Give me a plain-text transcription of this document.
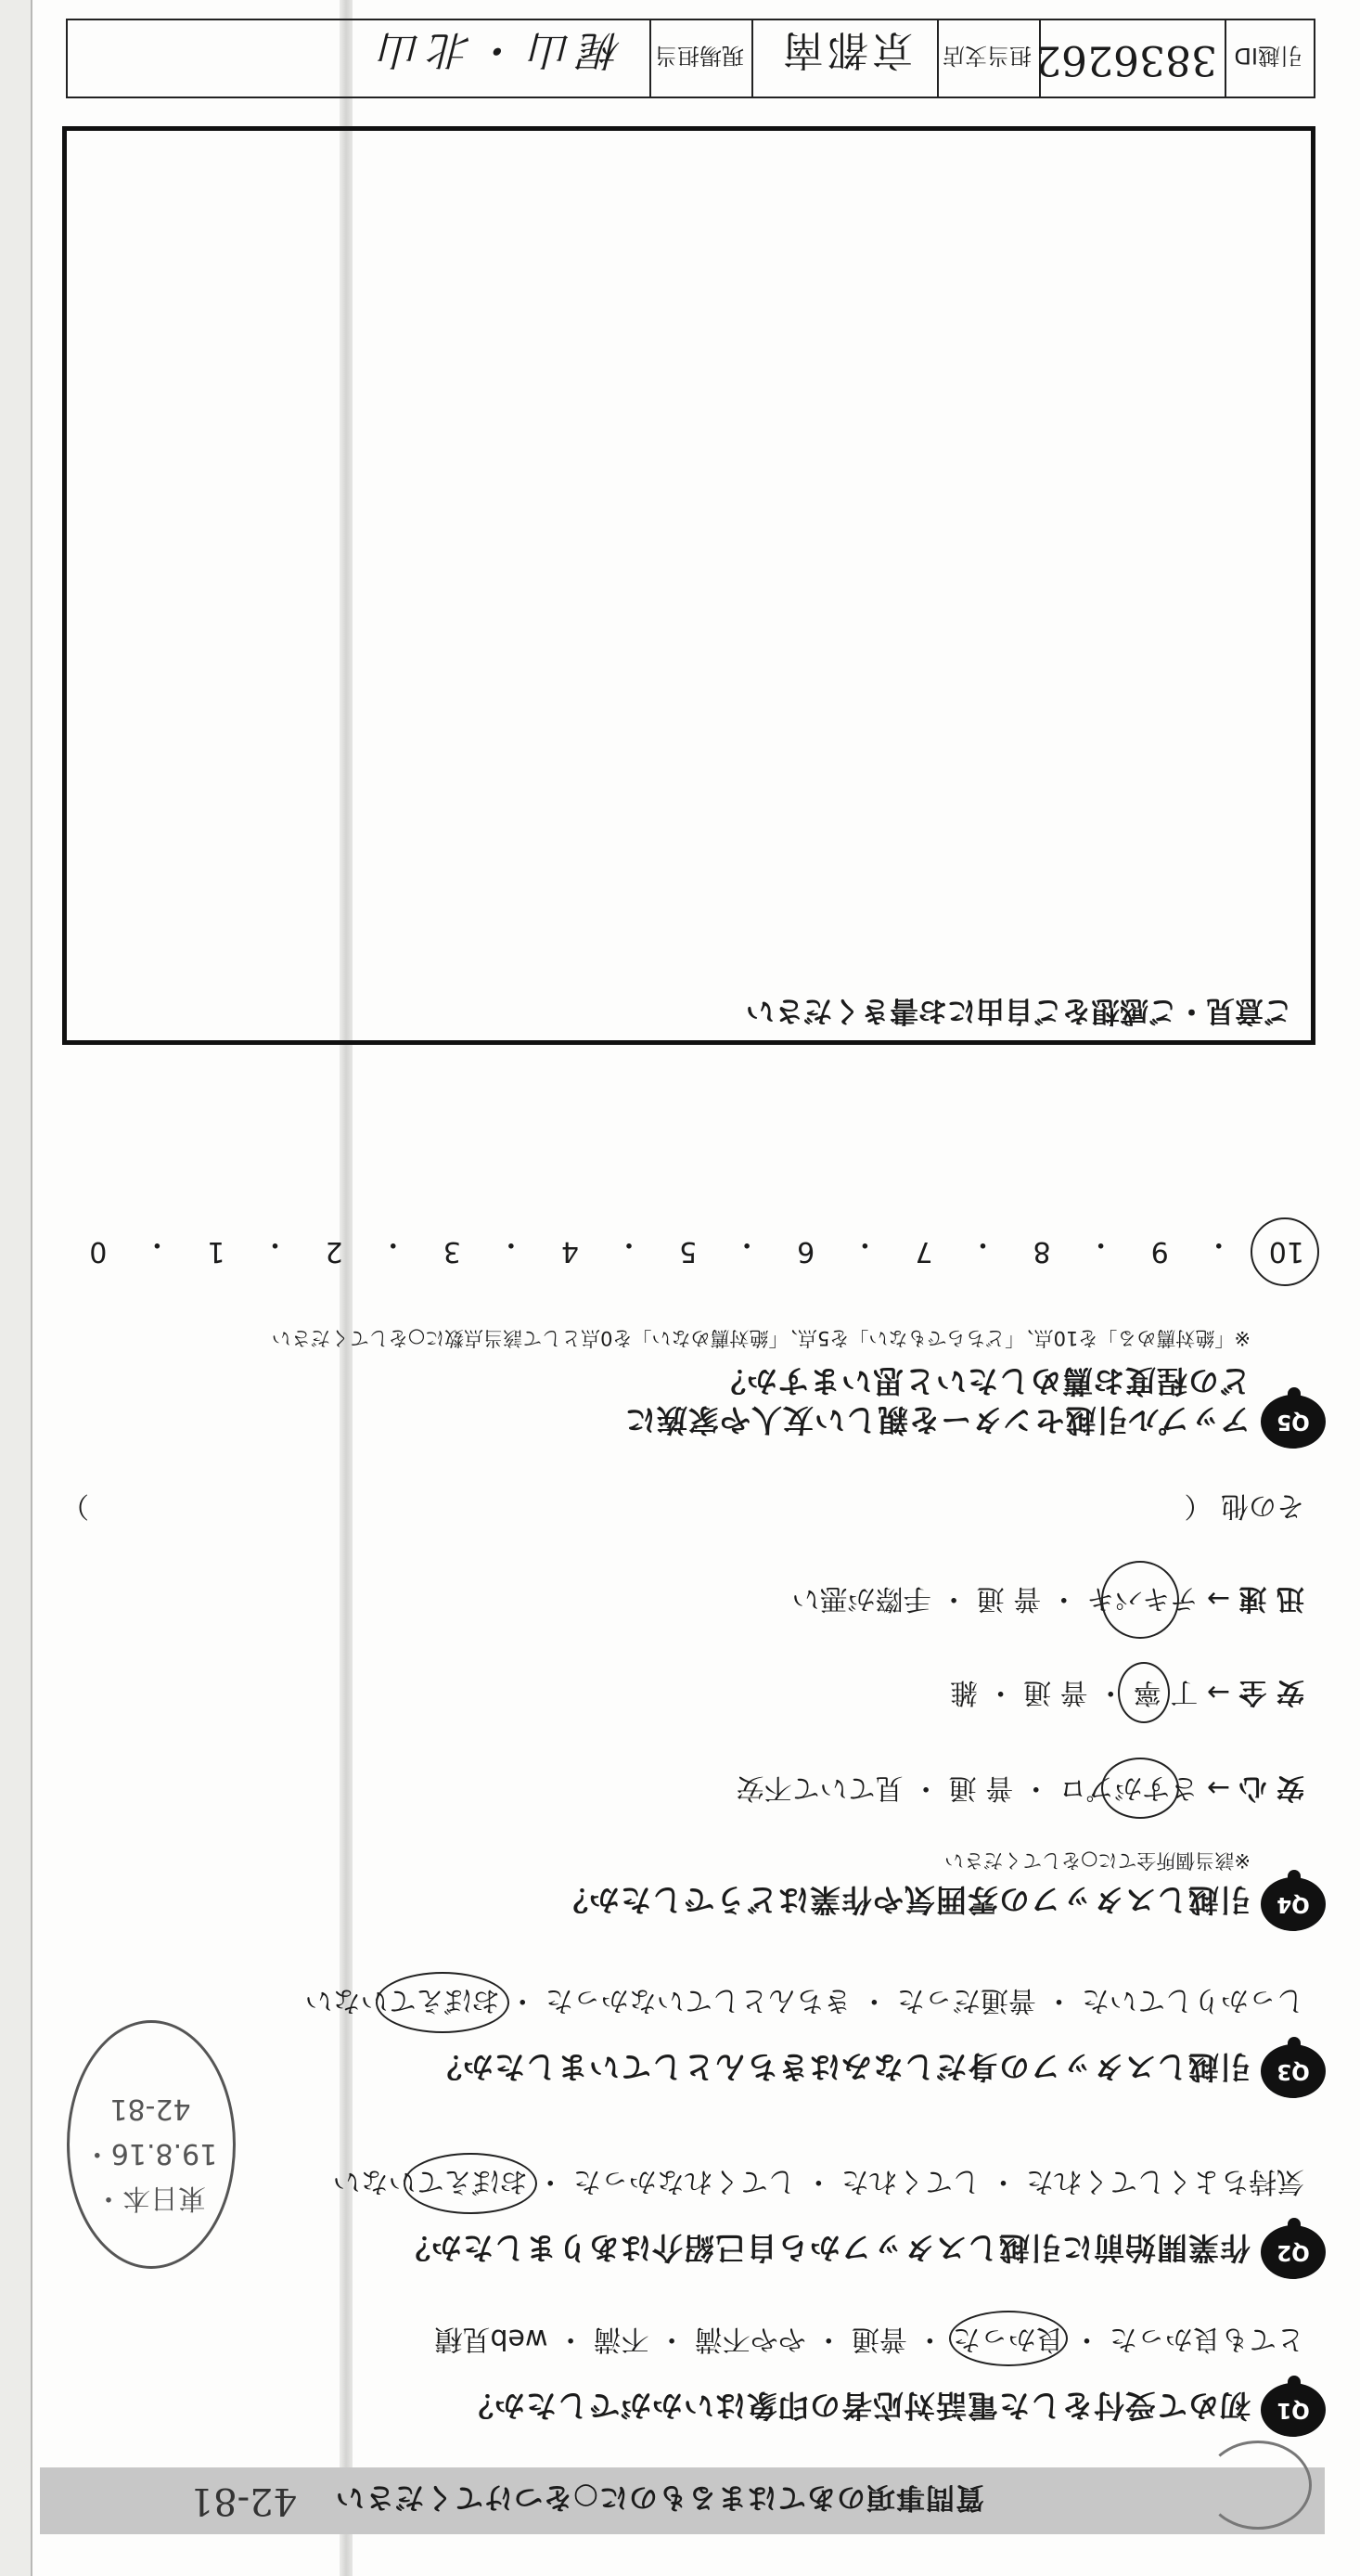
質問事項のあてはまるものに○をつけてください
42-81
Q1
初めて受付をした電話対応者の印象はいかがでしたか？
とても良かった ・ 良かった
・ 普通 ・ やや不満 ・ 不満 ・ web見積
東日本・19.8.16・42-81
Q2
作業開始前に引越しスタッフから自己紹介はありましたか？
気持ちよくしてくれた ・ してくれた ・ してくれなかった ・ おぼえていない
Q3
引越しスタッフの身だしなみはきちんとしていましたか？
しっかりしていた ・ 普通だった ・ きちんとしていなかった ・ おぼえていない
Q4
引越しスタッフの雰囲気や作業はどうでしたか？
※該当個所全てに○をしてください
安 心 → さすがプロ
・ 普 通 ・ 見ていて不安
安 全 → 丁 寧
・ 普 通 ・ 雑
迅 速 → テキパキ
・ 普 通 ・ 手際が悪い
その他 （
）
Q5
アップル引越センターを親しい友人や家族に
どの程度お薦めしたいと思いますか？
※「絶対薦める」を10点、「どちらでもない」を5点、「絶対薦めない」を0点として該当点数に○をしてください
10
・
9
・
8
・
7
・
6
・
5
・
4
・
3
・
2
・
1
・
0
ご意見・ご感想をご自由にお書きください
引越ID
3836262
担当支店
京都南
現場担当
梶山・北山
